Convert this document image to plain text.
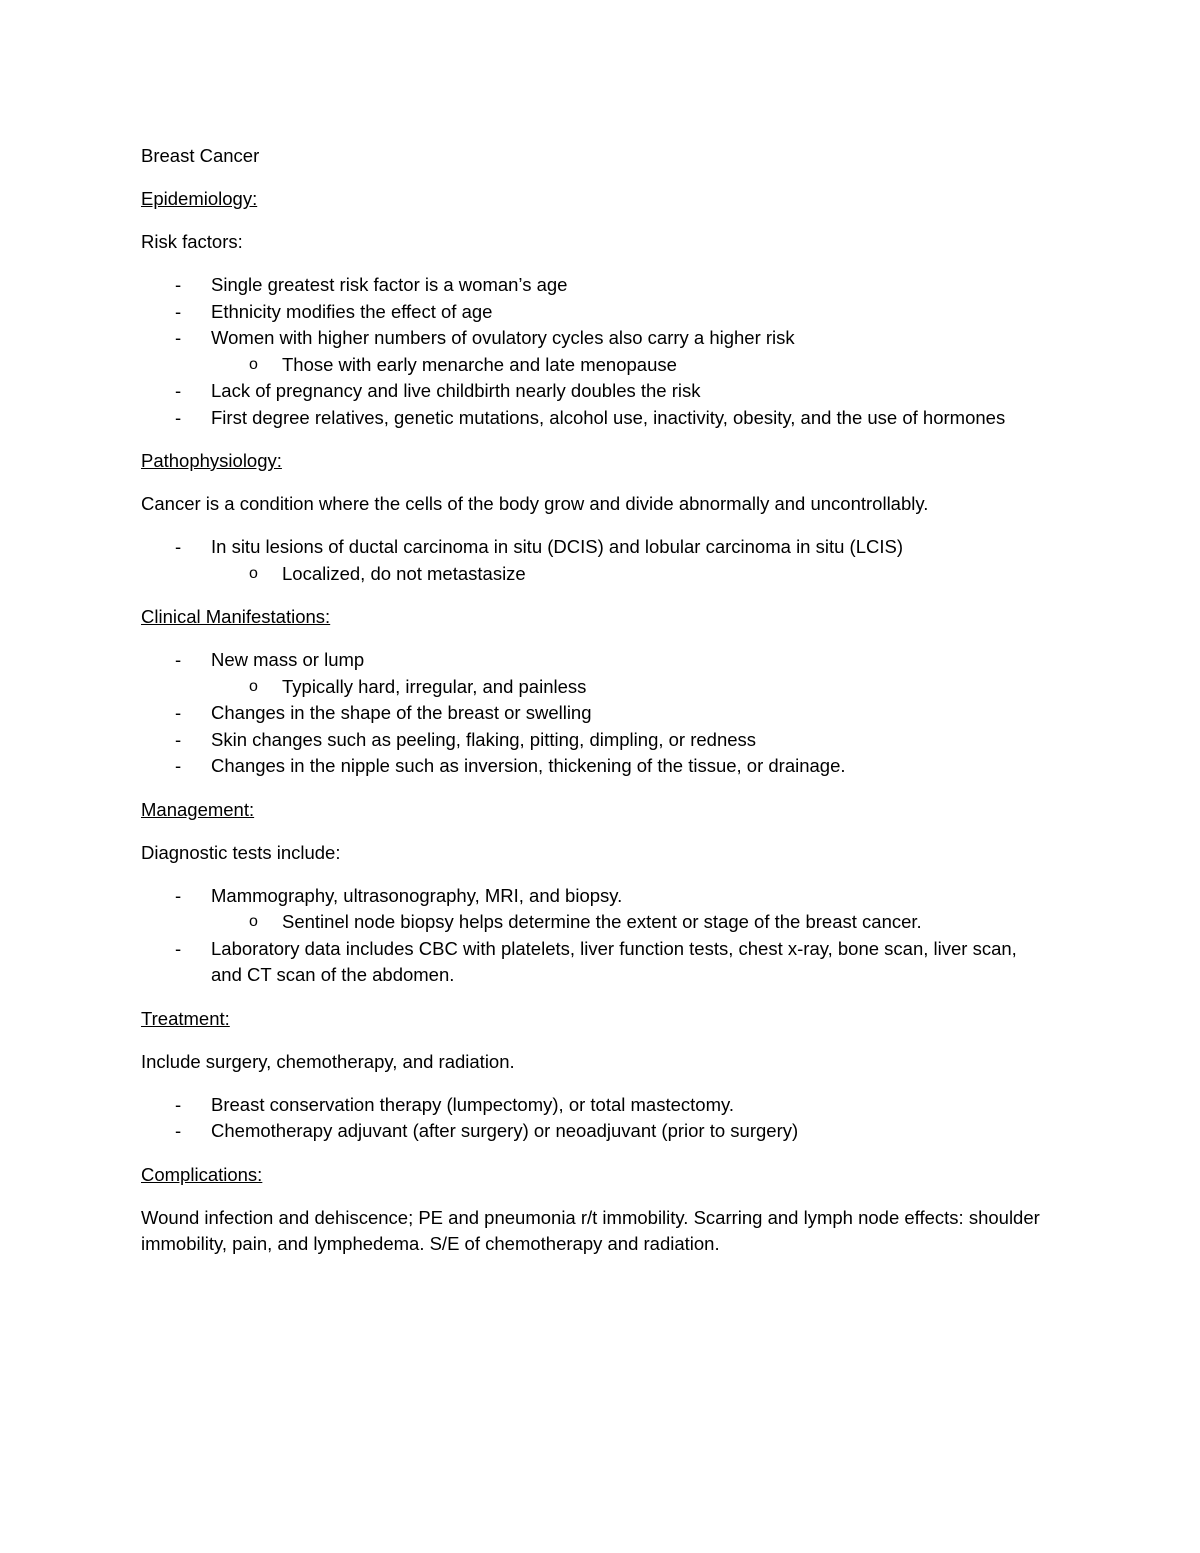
Breast Cancer

Epidemiology:

Risk factors:

- Single greatest risk factor is a woman’s age
- Ethnicity modifies the effect of age
- Women with higher numbers of ovulatory cycles also carry a higher risk
o Those with early menarche and late menopause
- Lack of pregnancy and live childbirth nearly doubles the risk
- First degree relatives, genetic mutations, alcohol use, inactivity, obesity, and the use of hormones

Pathophysiology:

Cancer is a condition where the cells of the body grow and divide abnormally and uncontrollably.

- In situ lesions of ductal carcinoma in situ (DCIS) and lobular carcinoma in situ (LCIS)
o Localized, do not metastasize

Clinical Manifestations:

- New mass or lump
o Typically hard, irregular, and painless
- Changes in the shape of the breast or swelling
- Skin changes such as peeling, flaking, pitting, dimpling, or redness
- Changes in the nipple such as inversion, thickening of the tissue, or drainage.

Management:

Diagnostic tests include:

- Mammography, ultrasonography, MRI, and biopsy.
o Sentinel node biopsy helps determine the extent or stage of the breast cancer.
- Laboratory data includes CBC with platelets, liver function tests, chest x-ray, bone scan, liver scan, and CT scan of the abdomen.

Treatment:

Include surgery, chemotherapy, and radiation.

- Breast conservation therapy (lumpectomy), or total mastectomy.
- Chemotherapy adjuvant (after surgery) or neoadjuvant (prior to surgery)

Complications:

Wound infection and dehiscence; PE and pneumonia r/t immobility. Scarring and lymph node effects: shoulder immobility, pain, and lymphedema. S/E of chemotherapy and radiation.
